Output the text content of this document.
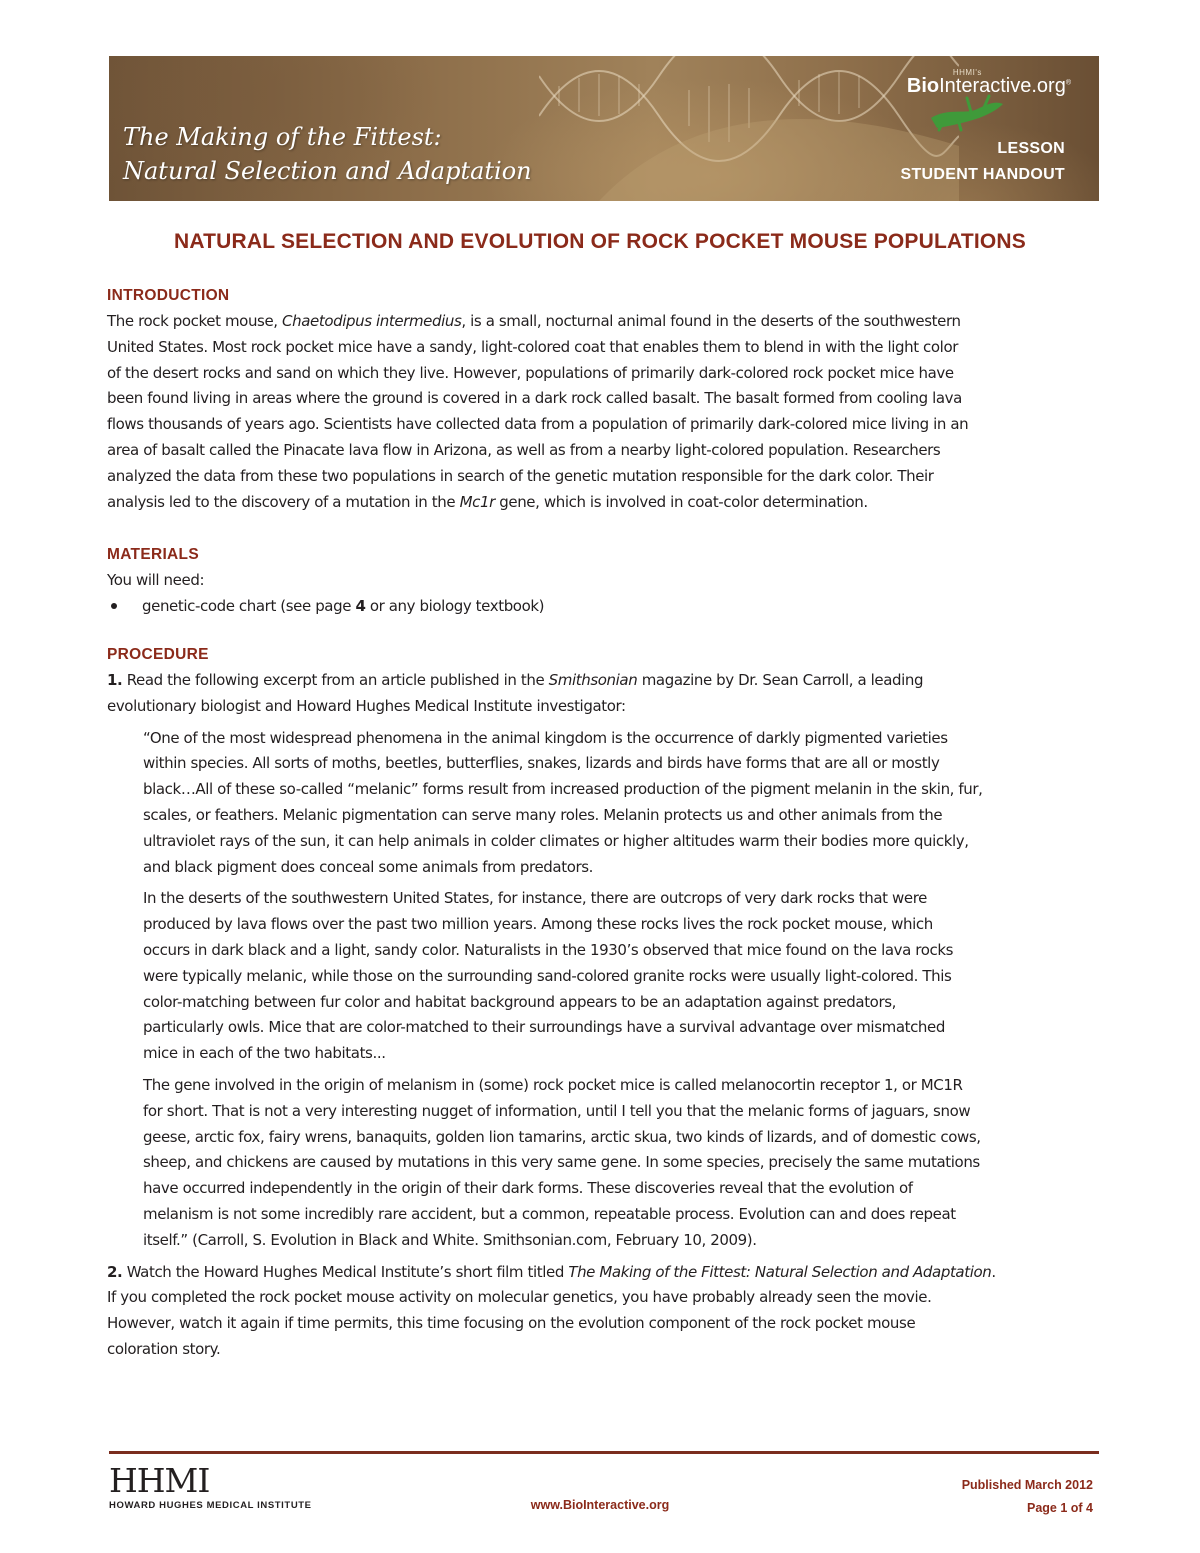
The Making of the Fittest:
Natural Selection and Adaptation
HHMI's
BioInteractive.org®
LESSON
STUDENT HANDOUT
NATURAL SELECTION AND EVOLUTION OF ROCK POCKET MOUSE POPULATIONS
INTRODUCTION
The rock pocket mouse, Chaetodipus intermedius, is a small, nocturnal animal found in the deserts of the southwestern
United States. Most rock pocket mice have a sandy, light-colored coat that enables them to blend in with the light color
of the desert rocks and sand on which they live. However, populations of primarily dark-colored rock pocket mice have
been found living in areas where the ground is covered in a dark rock called basalt. The basalt formed from cooling lava
flows thousands of years ago. Scientists have collected data from a population of primarily dark-colored mice living in an
area of basalt called the Pinacate lava flow in Arizona, as well as from a nearby light-colored population. Researchers
analyzed the data from these two populations in search of the genetic mutation responsible for the dark color. Their
analysis led to the discovery of a mutation in the Mc1r gene, which is involved in coat-color determination.
MATERIALS
You will need:
genetic-code chart (see page 4 or any biology textbook)
PROCEDURE
1. Read the following excerpt from an article published in the Smithsonian magazine by Dr. Sean Carroll, a leading
evolutionary biologist and Howard Hughes Medical Institute investigator:
“One of the most widespread phenomena in the animal kingdom is the occurrence of darkly pigmented varieties
within species. All sorts of moths, beetles, butterflies, snakes, lizards and birds have forms that are all or mostly
black…All of these so-called “melanic” forms result from increased production of the pigment melanin in the skin, fur,
scales, or feathers. Melanic pigmentation can serve many roles. Melanin protects us and other animals from the
ultraviolet rays of the sun, it can help animals in colder climates or higher altitudes warm their bodies more quickly,
and black pigment does conceal some animals from predators.
In the deserts of the southwestern United States, for instance, there are outcrops of very dark rocks that were
produced by lava flows over the past two million years. Among these rocks lives the rock pocket mouse, which
occurs in dark black and a light, sandy color. Naturalists in the 1930’s observed that mice found on the lava rocks
were typically melanic, while those on the surrounding sand-colored granite rocks were usually light-colored. This
color-matching between fur color and habitat background appears to be an adaptation against predators,
particularly owls. Mice that are color-matched to their surroundings have a survival advantage over mismatched
mice in each of the two habitats...
The gene involved in the origin of melanism in (some) rock pocket mice is called melanocortin receptor 1, or MC1R
for short. That is not a very interesting nugget of information, until I tell you that the melanic forms of jaguars, snow
geese, arctic fox, fairy wrens, banaquits, golden lion tamarins, arctic skua, two kinds of lizards, and of domestic cows,
sheep, and chickens are caused by mutations in this very same gene. In some species, precisely the same mutations
have occurred independently in the origin of their dark forms. These discoveries reveal that the evolution of
melanism is not some incredibly rare accident, but a common, repeatable process. Evolution can and does repeat
itself.” (Carroll, S. Evolution in Black and White. Smithsonian.com, February 10, 2009).
2. Watch the Howard Hughes Medical Institute’s short film titled The Making of the Fittest: Natural Selection and Adaptation.
If you completed the rock pocket mouse activity on molecular genetics, you have probably already seen the movie.
However, watch it again if time permits, this time focusing on the evolution component of the rock pocket mouse
coloration story.
HHMI
HOWARD HUGHES MEDICAL INSTITUTE	www.BioInteractive.org
Published March 2012
Page 1 of 4
